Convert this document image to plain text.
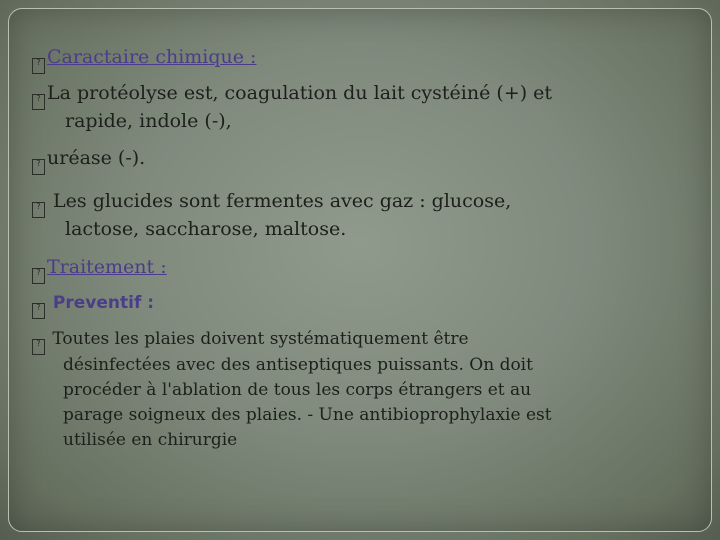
? Caractaire chimique :
? La protéolyse est, coagulation du lait cystéiné (+) et
rapide, indole (-),
? uréase (-).
? Les glucides sont fermentes avec gaz : glucose,
lactose, saccharose, maltose.
? Traitement :
? Preventif :
? Toutes les plaies doivent systématiquement être
désinfectées avec des antiseptiques puissants. On doit
procéder à l'ablation de tous les corps étrangers et au
parage soigneux des plaies. - Une antibioprophylaxie est
utilisée en chirurgie
